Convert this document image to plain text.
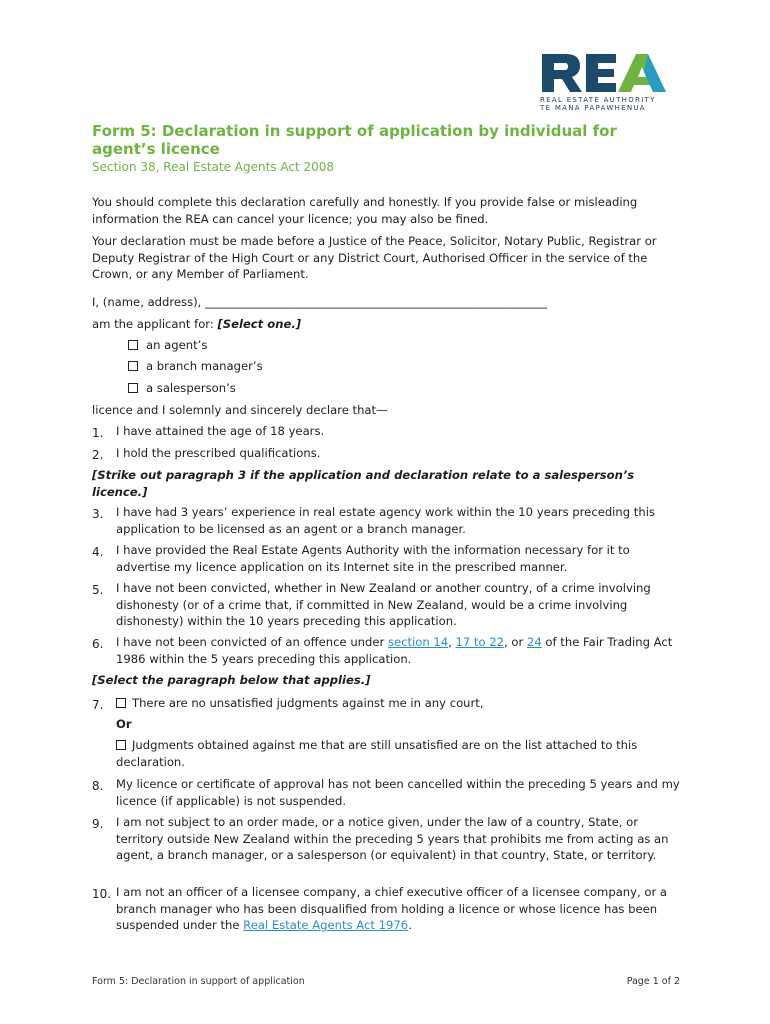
REAL ESTATE AUTHORITY
TE MANA PAPAWHENUA
Form 5: Declaration in support of application by individual for agent’s licence
Section 38, Real Estate Agents Act 2008
You should complete this declaration carefully and honestly. If you provide false or misleading information the REA can cancel your licence; you may also be fined.
Your declaration must be made before a Justice of the Peace, Solicitor, Notary Public, Registrar or Deputy Registrar of the High Court or any District Court, Authorised Officer in the service of the Crown, or any Member of Parliament.
I, (name, address), ___________________________________________________________
am the applicant for: [Select one.]
an agent’s
a branch manager’s
a salesperson’s
licence and I solemnly and sincerely declare that—
1. I have attained the age of 18 years.
2. I hold the prescribed qualifications.
[Strike out paragraph 3 if the application and declaration relate to a salesperson’s licence.]
3. I have had 3 years’ experience in real estate agency work within the 10 years preceding this application to be licensed as an agent or a branch manager.
4. I have provided the Real Estate Agents Authority with the information necessary for it to advertise my licence application on its Internet site in the prescribed manner.
5. I have not been convicted, whether in New Zealand or another country, of a crime involving dishonesty (or of a crime that, if committed in New Zealand, would be a crime involving dishonesty) within the 10 years preceding this application.
6. I have not been convicted of an offence under section 14, 17 to 22, or 24 of the Fair Trading Act 1986 within the 5 years preceding this application.
[Select the paragraph below that applies.]
7.	There are no unsatisfied judgments against me in any court,
Or
Judgments obtained against me that are still unsatisfied are on the list attached to this declaration.
8. My licence or certificate of approval has not been cancelled within the preceding 5 years and my licence (if applicable) is not suspended.
9. I am not subject to an order made, or a notice given, under the law of a country, State, or territory outside New Zealand within the preceding 5 years that prohibits me from acting as an agent, a branch manager, or a salesperson (or equivalent) in that country, State, or territory.
10. I am not an officer of a licensee company, a chief executive officer of a licensee company, or a branch manager who has been disqualified from holding a licence or whose licence has been suspended under the Real Estate Agents Act 1976.
Form 5: Declaration in support of application	Page 1 of 2
